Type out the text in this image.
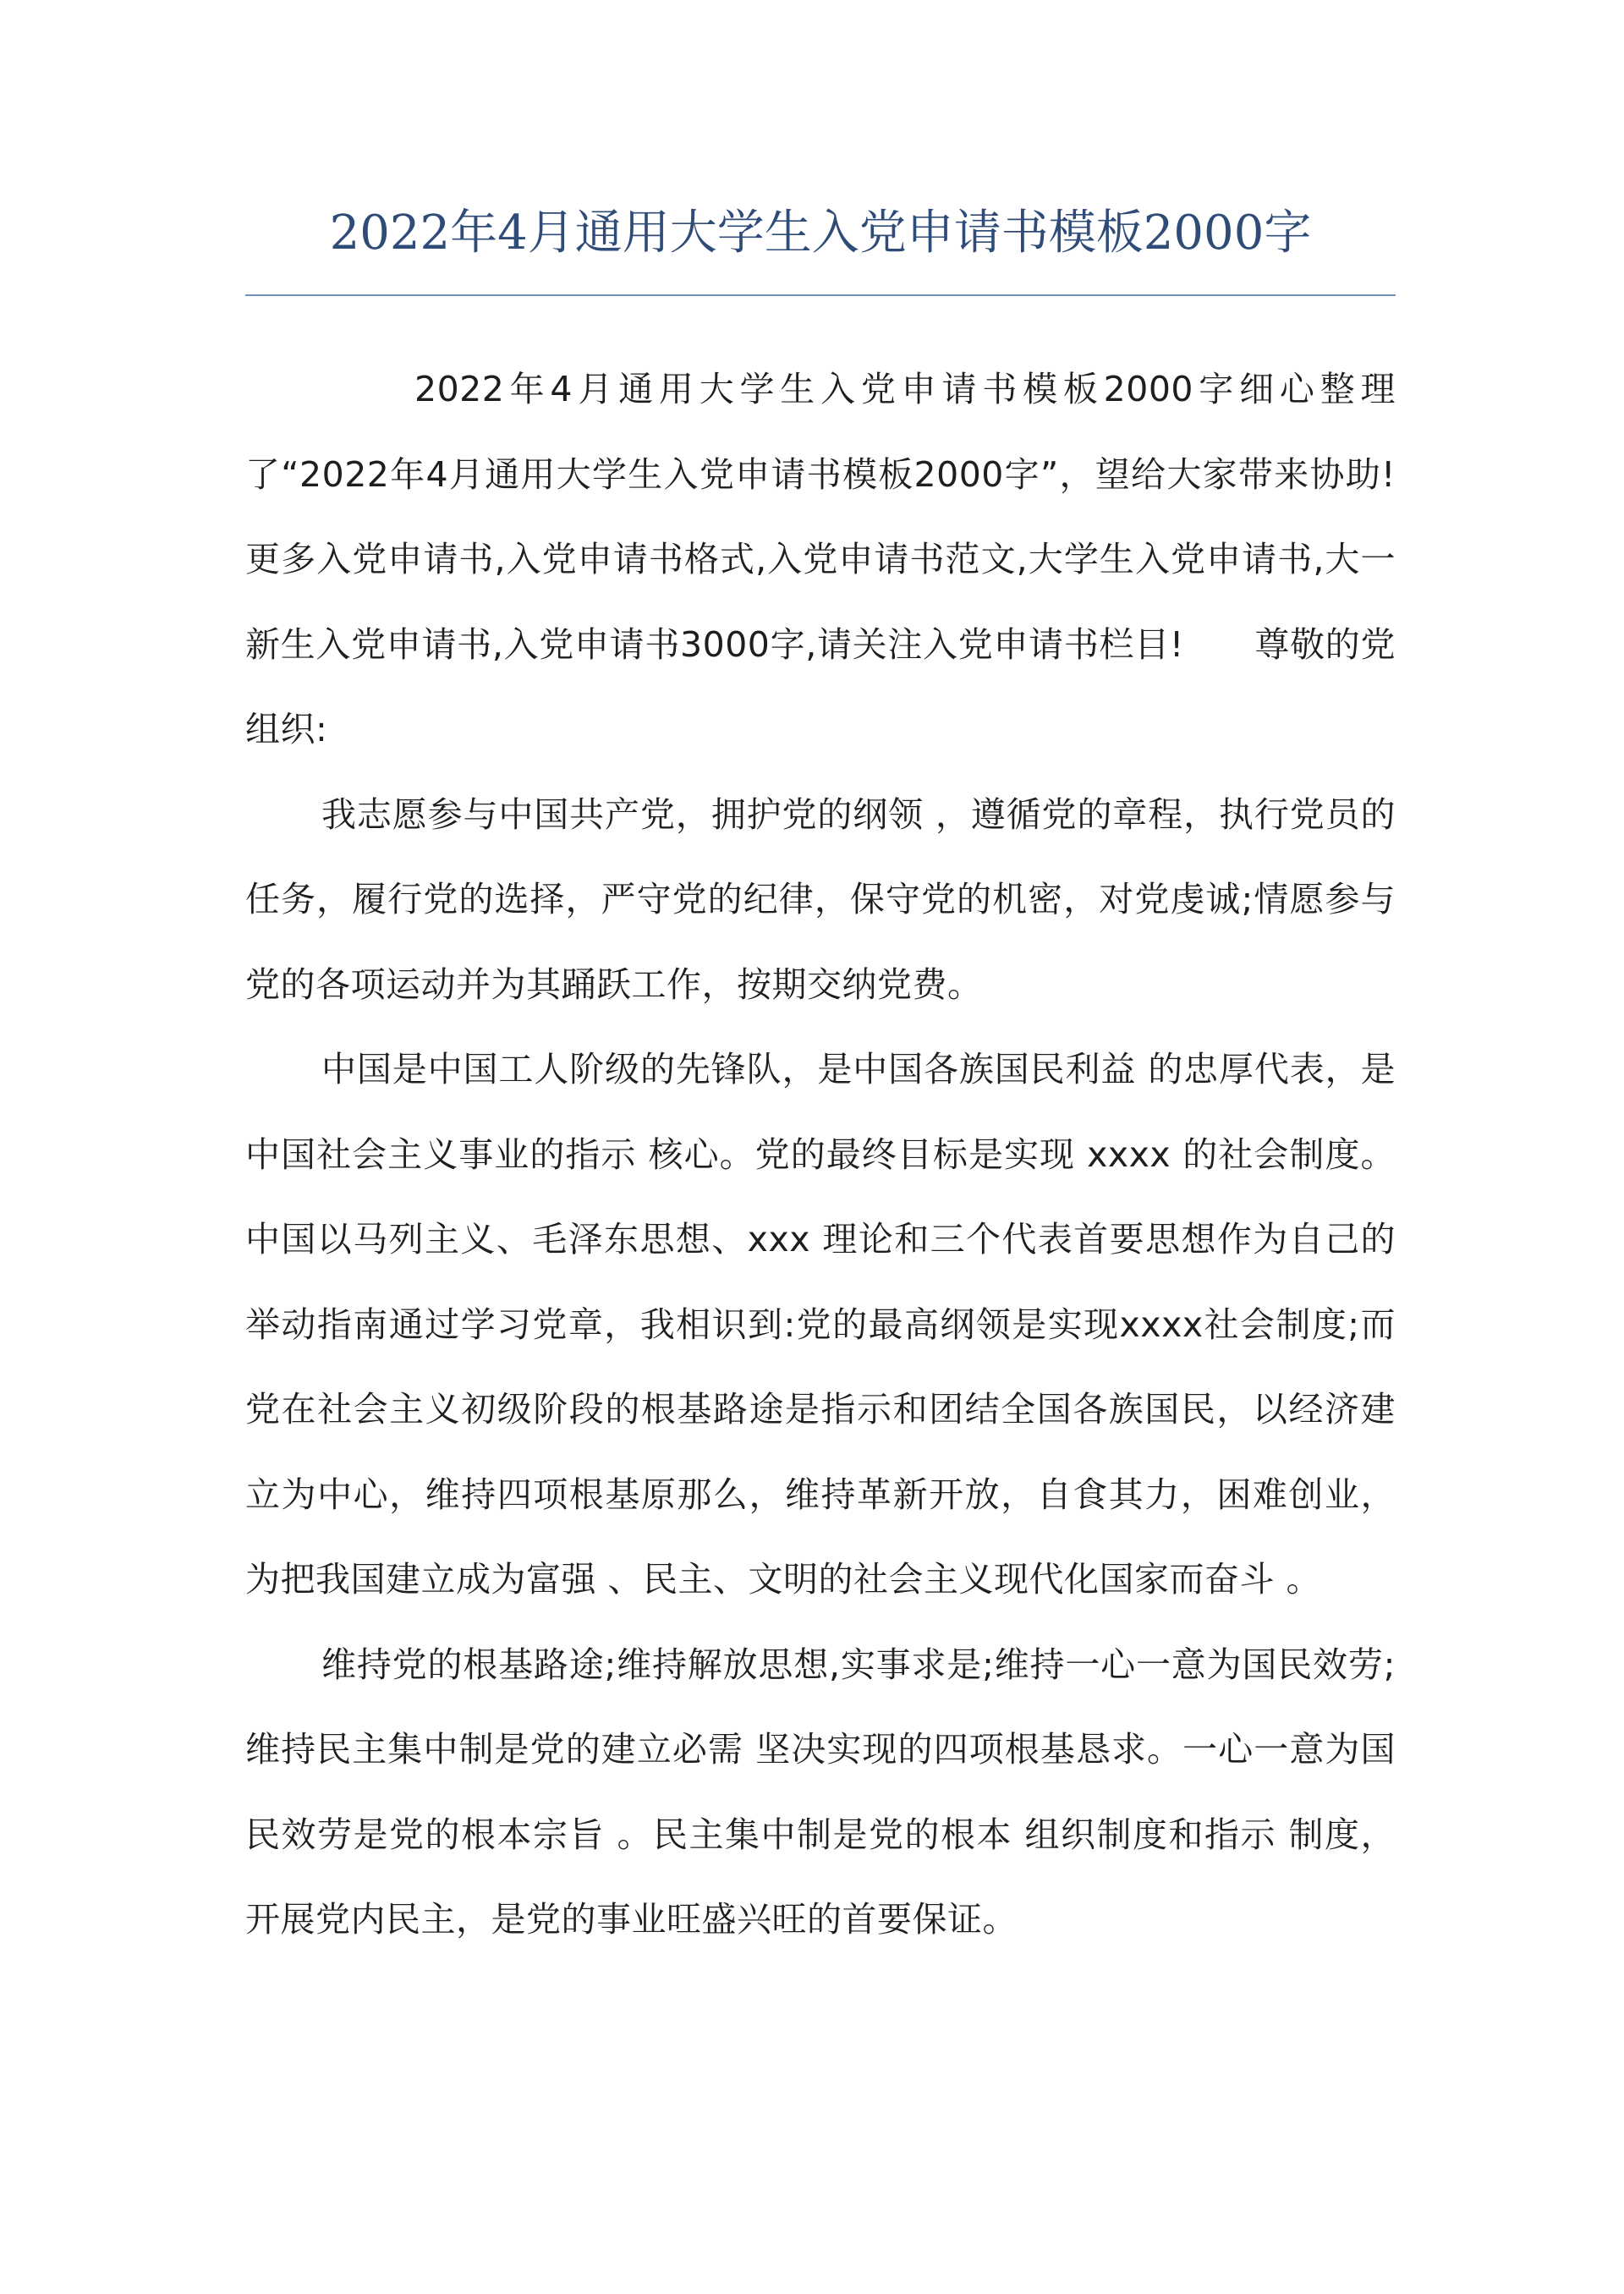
2022年4月通用大学生入党申请书模板2000字

2022年4月通用大学生入党申请书模板2000字细心整理了“2022年4月通用大学生入党申请书模板2000字”，望给大家带来协助!更多入党申请书,入党申请书格式,入党申请书范文,大学生入党申请书,大一新生入党申请书,入党申请书3000字,请关注入党申请书栏目!　　尊敬的党组织:

我志愿参与中国共产党，拥护党的纲领 ，遵循党的章程，执行党员的任务，履行党的选择，严守党的纪律，保守党的机密，对党虔诚;情愿参与党的各项运动并为其踊跃工作，按期交纳党费。

中国是中国工人阶级的先锋队，是中国各族国民利益 的忠厚代表，是中国社会主义事业的指示 核心。党的最终目标是实现 xxxx 的社会制度。中国以马列主义、毛泽东思想、xxx 理论和三个代表首要思想作为自己的举动指南通过学习党章，我相识到:党的最高纲领是实现xxxx社会制度;而党在社会主义初级阶段的根基路途是指示和团结全国各族国民，以经济建立为中心，维持四项根基原那么，维持革新开放，自食其力，困难创业，为把我国建立成为富强 、民主、文明的社会主义现代化国家而奋斗 。

维持党的根基路途;维持解放思想,实事求是;维持一心一意为国民效劳;维持民主集中制是党的建立必需 坚决实现的四项根基恳求。一心一意为国民效劳是党的根本宗旨 。民主集中制是党的根本 组织制度和指示 制度，开展党内民主，是党的事业旺盛兴旺的首要保证。
